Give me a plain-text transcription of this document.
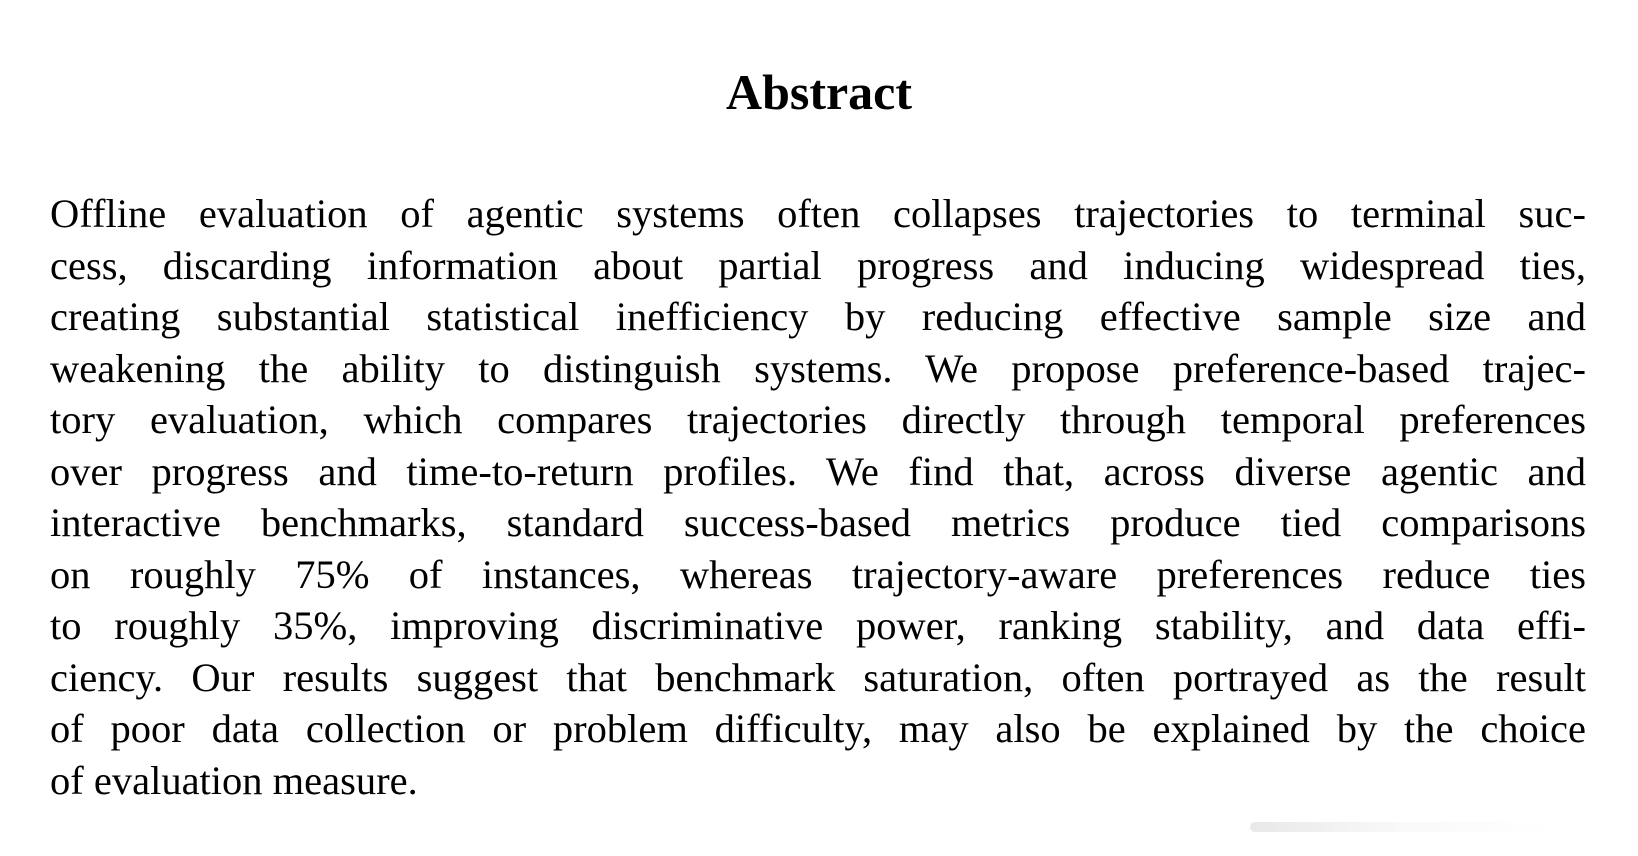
Abstract
Offline evaluation of agentic systems often collapses trajectories to terminal suc-
cess, discarding information about partial progress and inducing widespread ties,
creating substantial statistical inefficiency by reducing effective sample size and
weakening the ability to distinguish systems. We propose preference-based trajec-
tory evaluation, which compares trajectories directly through temporal preferences
over progress and time-to-return profiles. We find that, across diverse agentic and
interactive benchmarks, standard success-based metrics produce tied comparisons
on roughly 75% of instances, whereas trajectory-aware preferences reduce ties
to roughly 35%, improving discriminative power, ranking stability, and data effi-
ciency. Our results suggest that benchmark saturation, often portrayed as the result
of poor data collection or problem difficulty, may also be explained by the choice
of evaluation measure.
